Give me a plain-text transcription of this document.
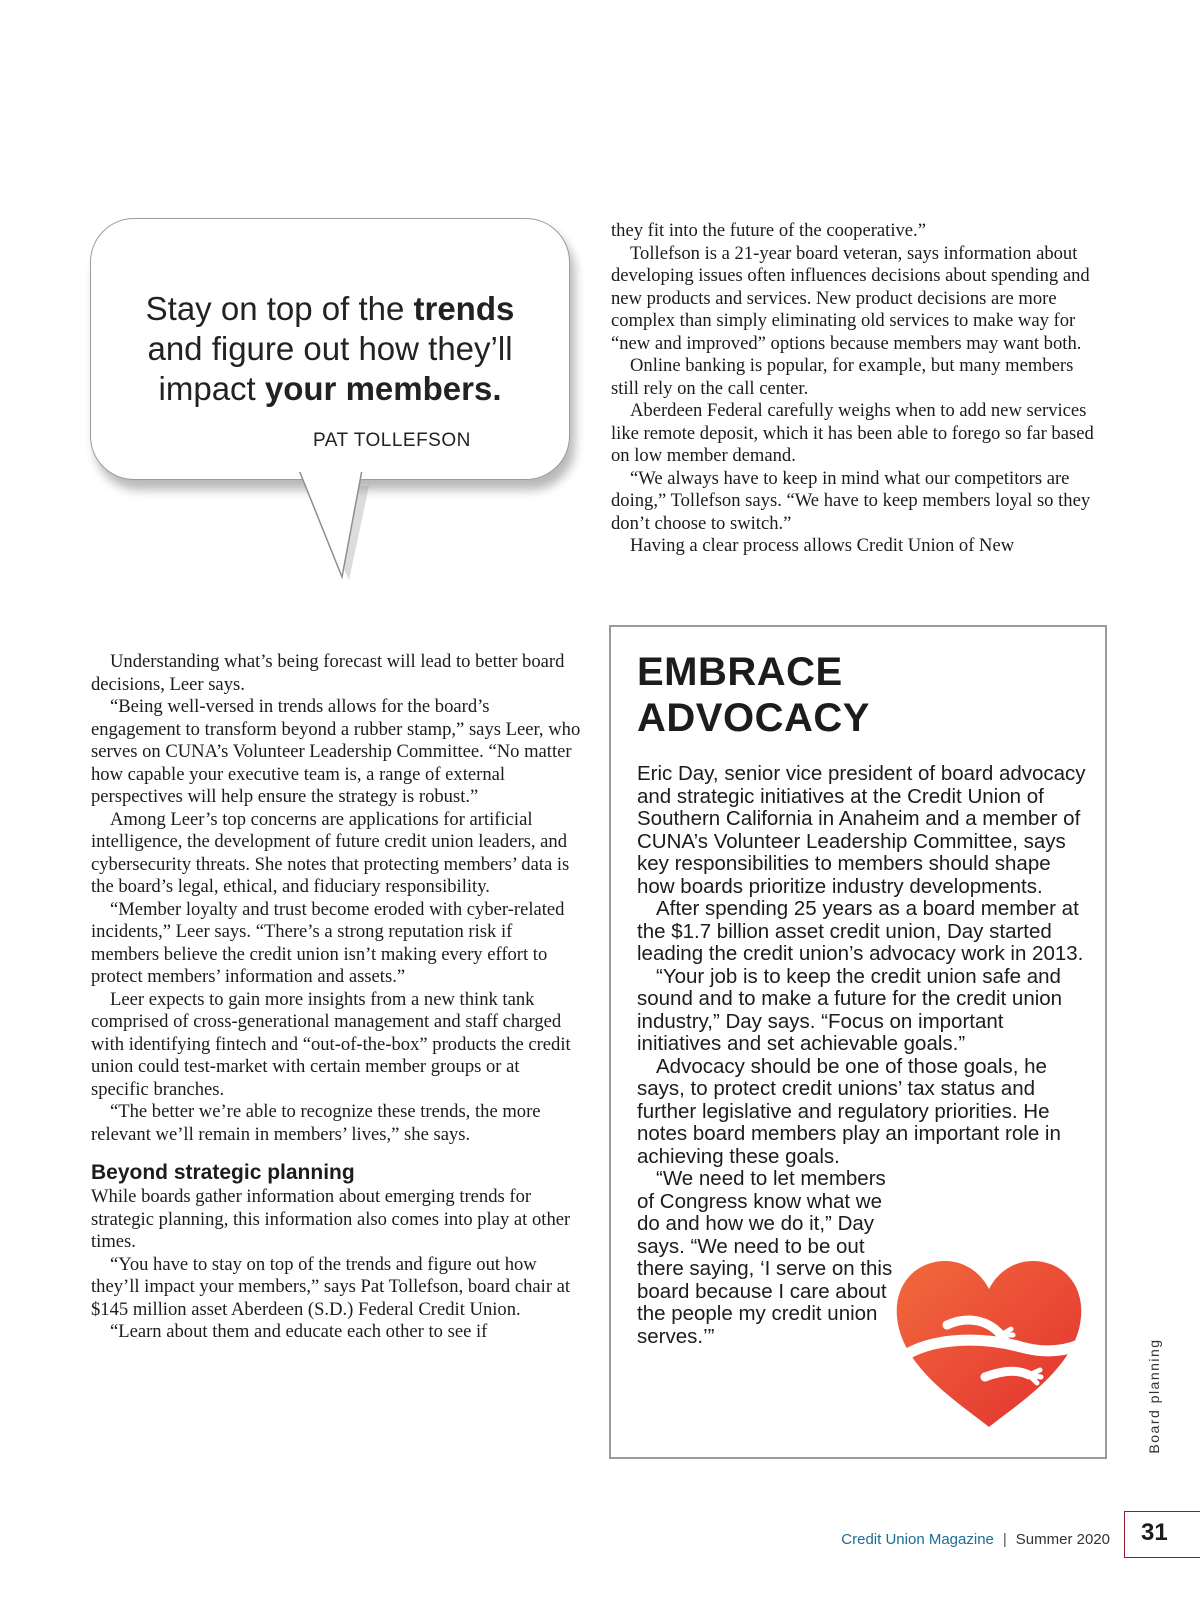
Stay on top of the trends
and figure out how they’ll
impact your members.
PAT TOLLEFSON

they fit into the future of the cooperative.”

Tollefson is a 21-year board veteran, says information about developing issues often influences decisions about spending and new products and services. New product decisions are more complex than simply eliminating old services to make way for “new and improved” options because members may want both.

Online banking is popular, for example, but many members still rely on the call center.

Aberdeen Federal carefully weighs when to add new services like remote deposit, which it has been able to forego so far based on low member demand.

“We always have to keep in mind what our competitors are doing,” Tollefson says. “We have to keep members loyal so they don’t choose to switch.”

Having a clear process allows Credit Union of New

Understanding what’s being forecast will lead to better board decisions, Leer says.

“Being well-versed in trends allows for the board’s engagement to transform beyond a rubber stamp,” says Leer, who serves on CUNA’s Volunteer Leadership Committee. “No matter how capable your executive team is, a range of external perspectives will help ensure the strategy is robust.”

Among Leer’s top concerns are applications for artificial intelligence, the development of future credit union leaders, and cybersecurity threats. She notes that protecting members’ data is the board’s legal, ethical, and fiduciary responsibility.

“Member loyalty and trust become eroded with cyber-related incidents,” Leer says. “There’s a strong reputation risk if members believe the credit union isn’t making every effort to protect members’ information and assets.”

Leer expects to gain more insights from a new think tank comprised of cross-generational management and staff charged with identifying fintech and “out-of-the-box” products the credit union could test-market with certain member groups or at specific branches.

“The better we’re able to recognize these trends, the more relevant we’ll remain in members’ lives,” she says.

Beyond strategic planning

While boards gather information about emerging trends for strategic planning, this information also comes into play at other times.

“You have to stay on top of the trends and figure out how they’ll impact your members,” says Pat Tollefson, board chair at $145 million asset Aberdeen (S.D.) Federal Credit Union.

“Learn about them and educate each other to see if

EMBRACE
ADVOCACY

Eric Day, senior vice president of board advocacy and strategic initiatives at the Credit Union of Southern California in Anaheim and a member of CUNA’s Volunteer Leadership Committee, says key responsibilities to members should shape how boards prioritize industry developments.

After spending 25 years as a board member at the $1.7 billion asset credit union, Day started leading the credit union’s advocacy work in 2013.

“Your job is to keep the credit union safe and sound and to make a future for the credit union industry,” Day says. “Focus on important initiatives and set achievable goals.”

Advocacy should be one of those goals, he says, to protect credit unions’ tax status and further legislative and regulatory priorities. He notes board members play an important role in achieving these goals.

“We need to let members of Congress know what we do and how we do it,” Day says. “We need to be out there saying, ‘I serve on this board because I care about the people my credit union serves.’”

Board planning
Credit Union Magazine | Summer 2020 31
